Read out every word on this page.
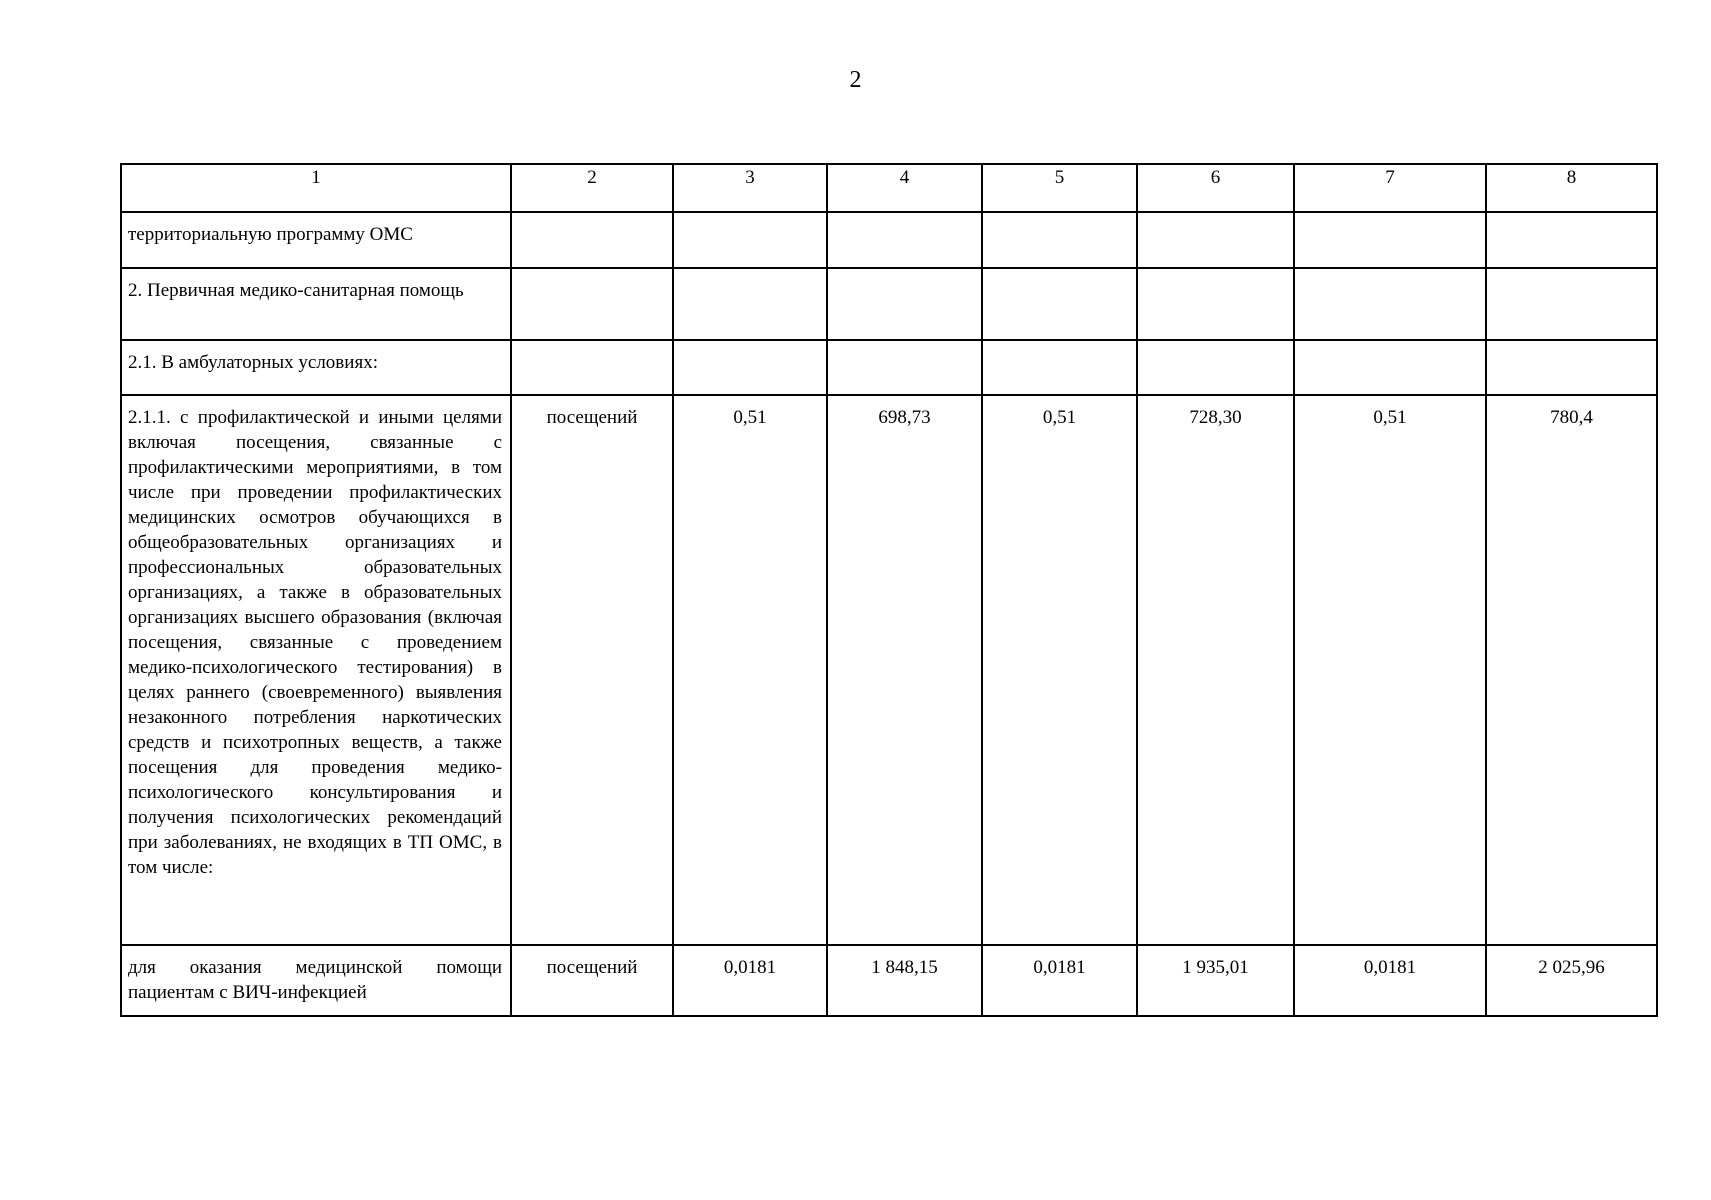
2
1	2	3	4	5	6	7	8
территориальную программу ОМС							
2. Первичная медико-санитарная помощь							
2.1. В амбулаторных условиях:							
2.1.1. с профилактической и иными целями включая посещения, связанные с профилактическими мероприятиями, в том числе при проведении профилактических медицинских осмотров обучающихся в общеобразовательных организациях и профессиональных образовательных организациях, а также в образовательных организациях высшего образования (включая посещения, связанные с проведением медико-психологического тестирования) в целях раннего (своевременного) выявления незаконного потребления наркотических средств и психотропных веществ, а также посещения для проведения медико-психологического консультирования и получения психологических рекомендаций при заболеваниях, не входящих в ТП ОМС, в том числе:	посещений	0,51	698,73	0,51	728,30	0,51	780,4
для оказания медицинской помощи пациентам с ВИЧ-инфекцией	посещений	0,0181	1 848,15	0,0181	1 935,01	0,0181	2 025,96
